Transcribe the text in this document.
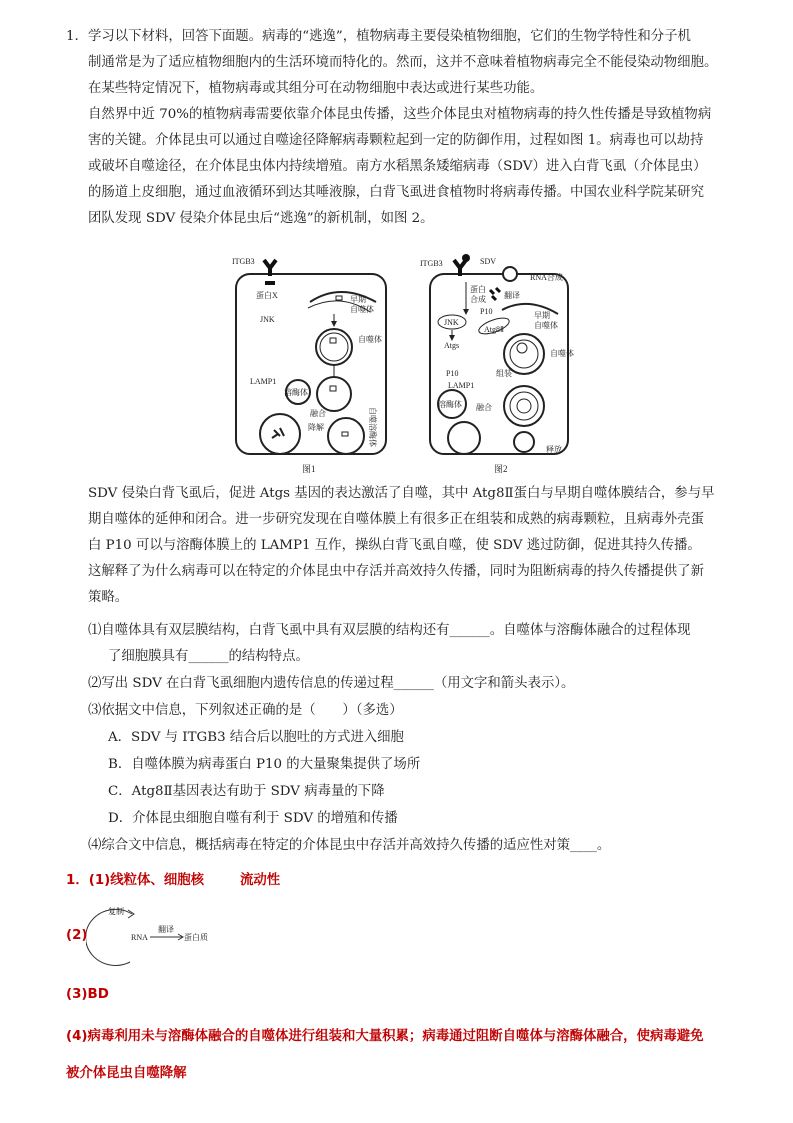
1. 学习以下材料，回答下面题。病毒的“逃逸”，植物病毒主要侵染植物细胞，它们的生物学特性和分子机
制通常是为了适应植物细胞内的生活环境而特化的。然而，这并不意味着植物病毒完全不能侵染动物细胞。
在某些特定情况下，植物病毒或其组分可在动物细胞中表达或进行某些功能。
自然界中近 70%的植物病毒需要依靠介体昆虫传播，这些介体昆虫对植物病毒的持久性传播是导致植物病
害的关键。介体昆虫可以通过自噬途径降解病毒颗粒起到一定的防御作用，过程如图 1。病毒也可以劫持
或破坏自噬途径，在介体昆虫体内持续增殖。南方水稻黑条矮缩病毒（SDV）进入白背飞虱（介体昆虫）
的肠道上皮细胞，通过血液循环到达其唾液腺，白背飞虱进食植物时将病毒传播。中国农业科学院某研究
团队发现 SDV 侵染介体昆虫后“逃逸”的新机制，如图 2。
ITGB3
蛋白X	早期
自噬体
JNK
自噬体
溶酶体
LAMP1
融合
降解	自噬溶酶体
图1
ITGB3	SDV
RNA合成
蛋白
合成 翻译
P10	早期
自噬体
JNK
Atg8Ⅱ
Atgs
自噬体
组装
P10
LAMP1
溶酶体 融合
释放
图2
SDV 侵染白背飞虱后，促进 Atgs 基因的表达激活了自噬，其中 Atg8Ⅱ蛋白与早期自噬体膜结合，参与早
期自噬体的延伸和闭合。进一步研究发现在自噬体膜上有很多正在组装和成熟的病毒颗粒，且病毒外壳蛋
白 P10 可以与溶酶体膜上的 LAMP1 互作，操纵白背飞虱自噬，使 SDV 逃过防御，促进其持久传播。
这解释了为什么病毒可以在特定的介体昆虫中存活并高效持久传播，同时为阻断病毒的持久传播提供了新
策略。
⑴自噬体具有双层膜结构，白背飞虱中具有双层膜的结构还有______。自噬体与溶酶体融合的过程体现
了细胞膜具有______的结构特点。
⑵写出 SDV 在白背飞虱细胞内遗传信息的传递过程______（用文字和箭头表示）。
⑶依据文中信息，下列叙述正确的是（　　）（多选）
A．SDV 与 ITGB3 结合后以胞吐的方式进入细胞
B．自噬体膜为病毒蛋白 P10 的大量聚集提供了场所
C．Atg8Ⅱ基因表达有助于 SDV 病毒量的下降
D．介体昆虫细胞自噬有利于 SDV 的增殖和传播
⑷综合文中信息，概括病毒在特定的介体昆虫中存活并高效持久传播的适应性对策____。
1．(1)线粒体、细胞核	流动性
(2)
复制
RNA
翻译
蛋白质
(3)BD
(4)病毒利用未与溶酶体融合的自噬体进行组装和大量积累；病毒通过阻断自噬体与溶酶体融合，使病毒避免
被介体昆虫自噬降解
